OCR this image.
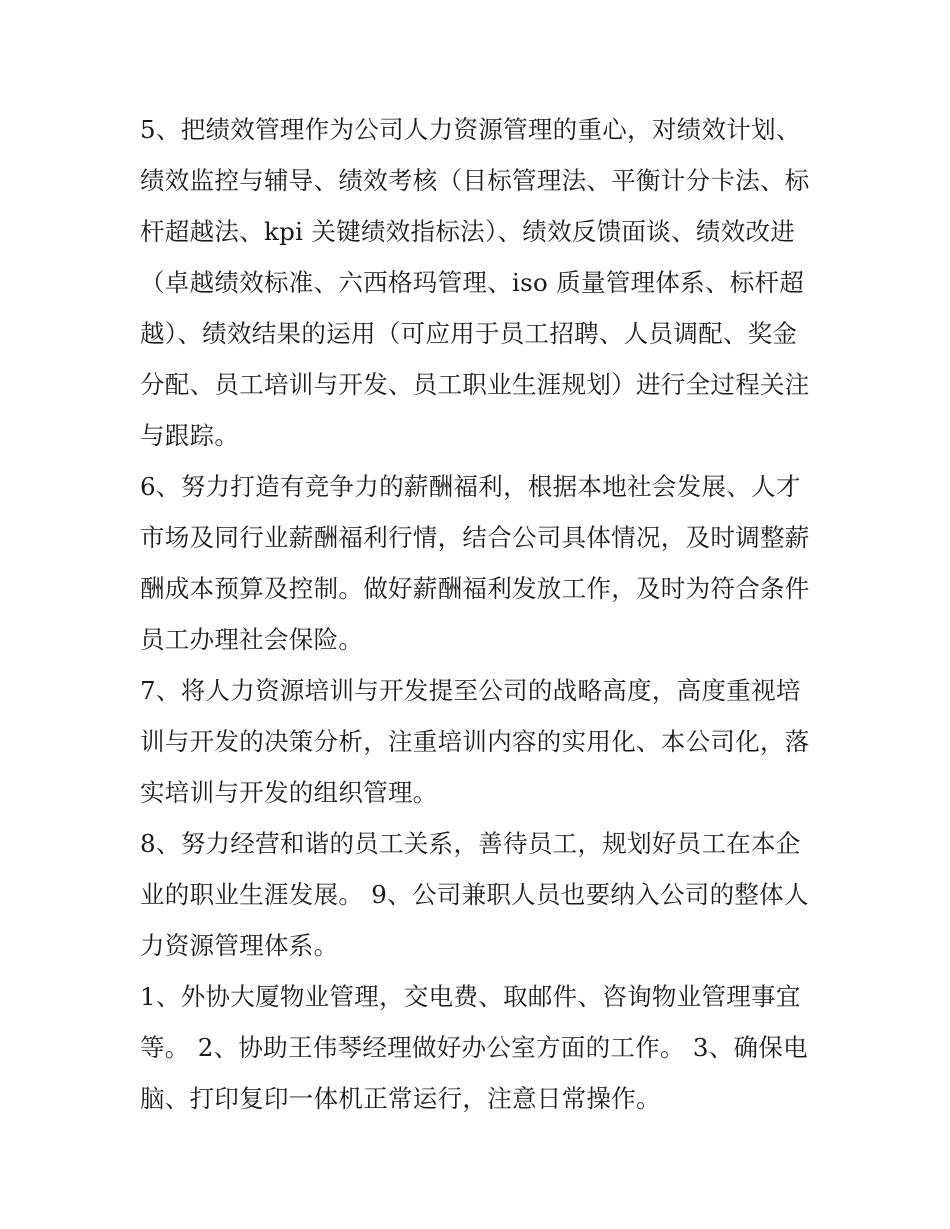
5、把绩效管理作为公司人力资源管理的重心，对绩效计划、
绩效监控与辅导、绩效考核（目标管理法、平衡计分卡法、标
杆超越法、kpi 关键绩效指标法）、绩效反馈面谈、绩效改进
（卓越绩效标准、六西格玛管理、iso 质量管理体系、标杆超
越）、绩效结果的运用（可应用于员工招聘、人员调配、奖金
分配、员工培训与开发、员工职业生涯规划）进行全过程关注
与跟踪。
6、努力打造有竞争力的薪酬福利，根据本地社会发展、人才
市场及同行业薪酬福利行情，结合公司具体情况，及时调整薪
酬成本预算及控制。做好薪酬福利发放工作，及时为符合条件
员工办理社会保险。
7、将人力资源培训与开发提至公司的战略高度，高度重视培
训与开发的决策分析，注重培训内容的实用化、本公司化，落
实培训与开发的组织管理。
8、努力经营和谐的员工关系，善待员工，规划好员工在本企
业的职业生涯发展。 9、公司兼职人员也要纳入公司的整体人
力资源管理体系。
1、外协大厦物业管理，交电费、取邮件、咨询物业管理事宜
等。 2、协助王伟琴经理做好办公室方面的工作。 3、确保电
脑、打印复印一体机正常运行，注意日常操作。
